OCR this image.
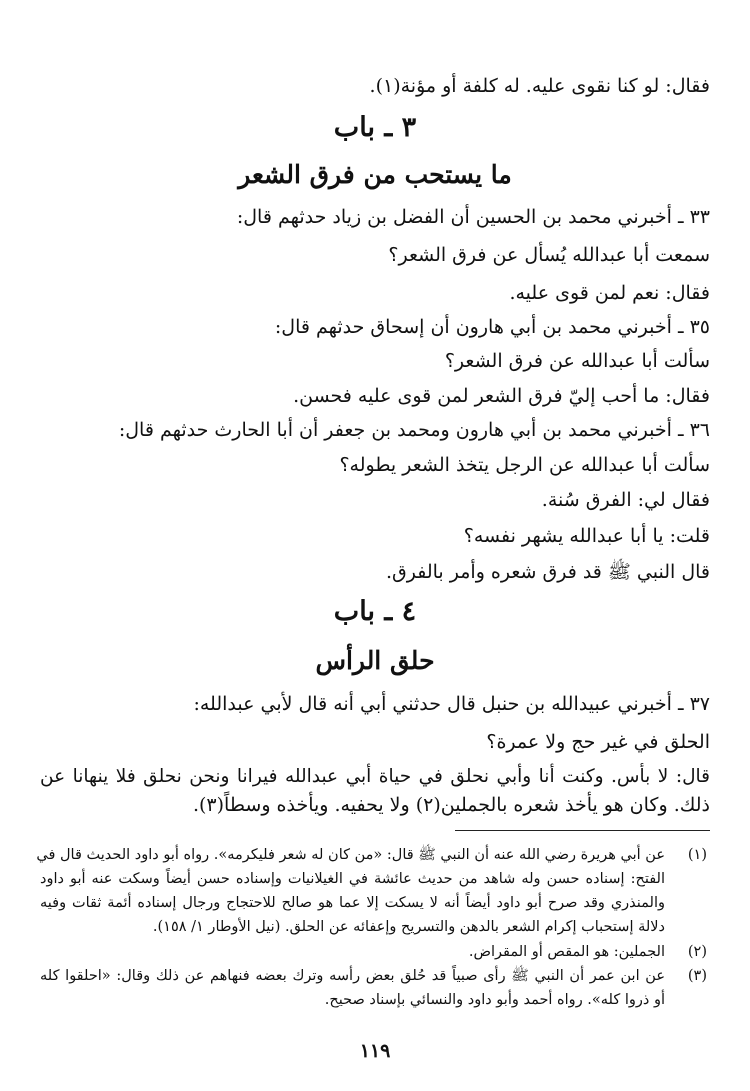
فقال: لو كنا نقوى عليه. له كلفة أو مؤنة(١).

٣ ـ باب

ما يستحب من فرق الشعر

٣٣ ـ أخبرني محمد بن الحسين أن الفضل بن زياد حدثهم قال:

سمعت أبا عبدالله يُسأل عن فرق الشعر؟

فقال: نعم لمن قوى عليه.

٣٥ ـ أخبرني محمد بن أبي هارون أن إسحاق حدثهم قال:

سألت أبا عبدالله عن فرق الشعر؟

فقال: ما أحب إليّ فرق الشعر لمن قوى عليه فحسن.

٣٦ ـ أخبرني محمد بن أبي هارون ومحمد بن جعفر أن أبا الحارث حدثهم قال:

سألت أبا عبدالله عن الرجل يتخذ الشعر يطوله؟

فقال لي: الفرق سُنة.

قلت: يا أبا عبدالله يشهر نفسه؟

قال النبي ﷺ قد فرق شعره وأمر بالفرق.

٤ ـ باب

حلق الرأس

٣٧ ـ أخبرني عبيدالله بن حنبل قال حدثني أبي أنه قال لأبي عبدالله:

الحلق في غير حج ولا عمرة؟

قال: لا بأس. وكنت أنا وأبي نحلق في حياة أبي عبدالله فيرانا ونحن نحلق فلا ينهانا عن

ذلك. وكان هو يأخذ شعره بالجملين(٢) ولا يحفيه. ويأخذه وسطاً(٣).

(١)

عن أبي هريرة رضي الله عنه أن النبي ﷺ قال: «من كان له شعر فليكرمه». رواه أبو داود الحديث قال في

الفتح: إسناده حسن وله شاهد من حديث عائشة في الغيلانيات وإسناده حسن أيضاً وسكت عنه أبو داود

والمنذري وقد صرح أبو داود أيضاً أنه لا يسكت إلا عما هو صالح للاحتجاج ورجال إسناده أئمة ثقات وفيه

دلالة إستحباب إكرام الشعر بالدهن والتسريح وإعفائه عن الحلق. (نيل الأوطار ١/ ١٥٨).

(٢)

الجملين: هو المقص أو المقراض.

(٣)

عن ابن عمر أن النبي ﷺ رأى صبياً قد حُلق بعض رأسه وترك بعضه فنهاهم عن ذلك وقال: «احلقوا كله

أو ذروا كله». رواه أحمد وأبو داود والنسائي بإسناد صحيح.

١١٩
